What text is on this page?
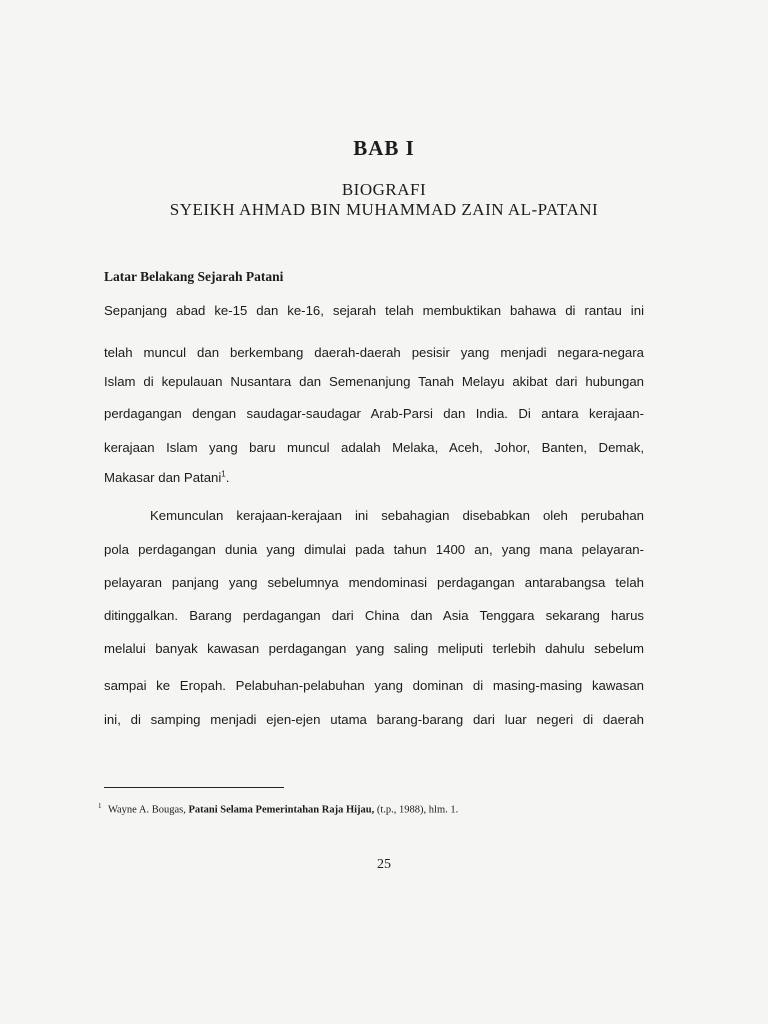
BAB I
BIOGRAFI
SYEIKH AHMAD BIN MUHAMMAD ZAIN AL-PATANI
Latar Belakang Sejarah Patani
Sepanjang abad ke-15 dan ke-16, sejarah telah membuktikan bahawa di rantau ini
telah muncul dan berkembang daerah-daerah pesisir yang menjadi negara-negara
Islam di kepulauan Nusantara dan Semenanjung Tanah Melayu akibat dari hubungan
perdagangan dengan saudagar-saudagar Arab-Parsi dan India. Di antara kerajaan-
kerajaan Islam yang baru muncul adalah Melaka, Aceh, Johor, Banten, Demak,
Makasar dan Patani$^1$.
Kemunculan kerajaan-kerajaan ini sebahagian disebabkan oleh perubahan
pola perdagangan dunia yang dimulai pada tahun 1400 an, yang mana pelayaran-
pelayaran panjang yang sebelumnya mendominasi perdagangan antarabangsa telah
ditinggalkan. Barang perdagangan dari China dan Asia Tenggara sekarang harus
melalui banyak kawasan perdagangan yang saling meliputi terlebih dahulu sebelum
sampai ke Eropah. Pelabuhan-pelabuhan yang dominan di masing-masing kawasan
ini, di samping menjadi ejen-ejen utama barang-barang dari luar negeri di daerah
$^1$ Wayne A. Bougas, Patani Selama Pemerintahan Raja Hijau, (t.p., 1988), hlm. 1.
25
